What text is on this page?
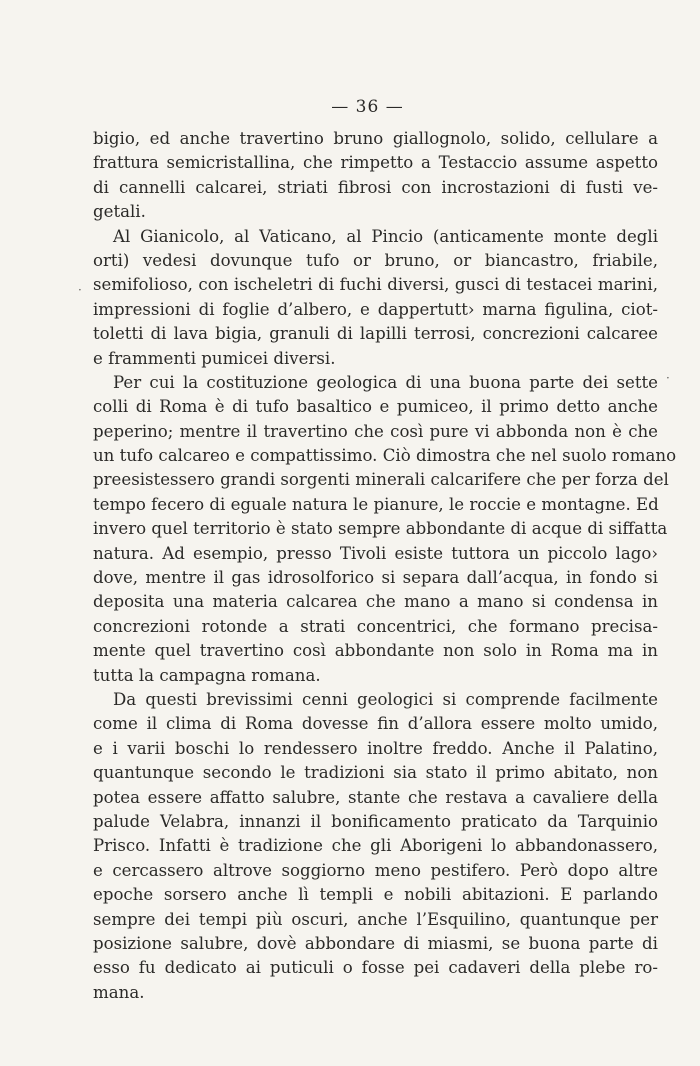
— 36 —
·
·
bigio, ed anche travertino bruno giallognolo, solido, cellulare a
frattura semicristallina, che rimpetto a Testaccio assume aspetto
di cannelli calcarei, striati fibrosi con incrostazioni di fusti ve-
getali.
Al Gianicolo, al Vaticano, al Pincio (anticamente monte degli
orti) vedesi dovunque tufo or bruno, or biancastro, friabile,
semifolioso, con ischeletri di fuchi diversi, gusci di testacei marini,
impressioni di foglie d’albero, e dappertutt› marna figulina, ciot-
toletti di lava bigia, granuli di lapilli terrosi, concrezioni calcaree
e frammenti pumicei diversi.
Per cui la costituzione geologica di una buona parte dei sette
colli di Roma è di tufo basaltico e pumiceo, il primo detto anche
peperino; mentre il travertino che così pure vi abbonda non è che
un tufo calcareo e compattissimo. Ciò dimostra che nel suolo romano
preesistessero grandi sorgenti minerali calcarifere che per forza del
tempo fecero di eguale natura le pianure, le roccie e montagne. Ed
invero quel territorio è stato sempre abbondante di acque di siffatta
natura. Ad esempio, presso Tivoli esiste tuttora un piccolo lago›
dove, mentre il gas idrosolforico si separa dall’acqua, in fondo si
deposita una materia calcarea che mano a mano si condensa in
concrezioni rotonde a strati concentrici, che formano precisa-
mente quel travertino così abbondante non solo in Roma ma in
tutta la campagna romana.
Da questi brevissimi cenni geologici si comprende facilmente
come il clima di Roma dovesse fin d’allora essere molto umido,
e i varii boschi lo rendessero inoltre freddo. Anche il Palatino,
quantunque secondo le tradizioni sia stato il primo abitato, non
potea essere affatto salubre, stante che restava a cavaliere della
palude Velabra, innanzi il bonificamento praticato da Tarquinio
Prisco. Infatti è tradizione che gli Aborigeni lo abbandonassero,
e cercassero altrove soggiorno meno pestifero. Però dopo altre
epoche sorsero anche lì templi e nobili abitazioni. E parlando
sempre dei tempi più oscuri, anche l’Esquilino, quantunque per
posizione salubre, dovè abbondare di miasmi, se buona parte di
esso fu dedicato ai puticuli o fosse pei cadaveri della plebe ro-
mana.
